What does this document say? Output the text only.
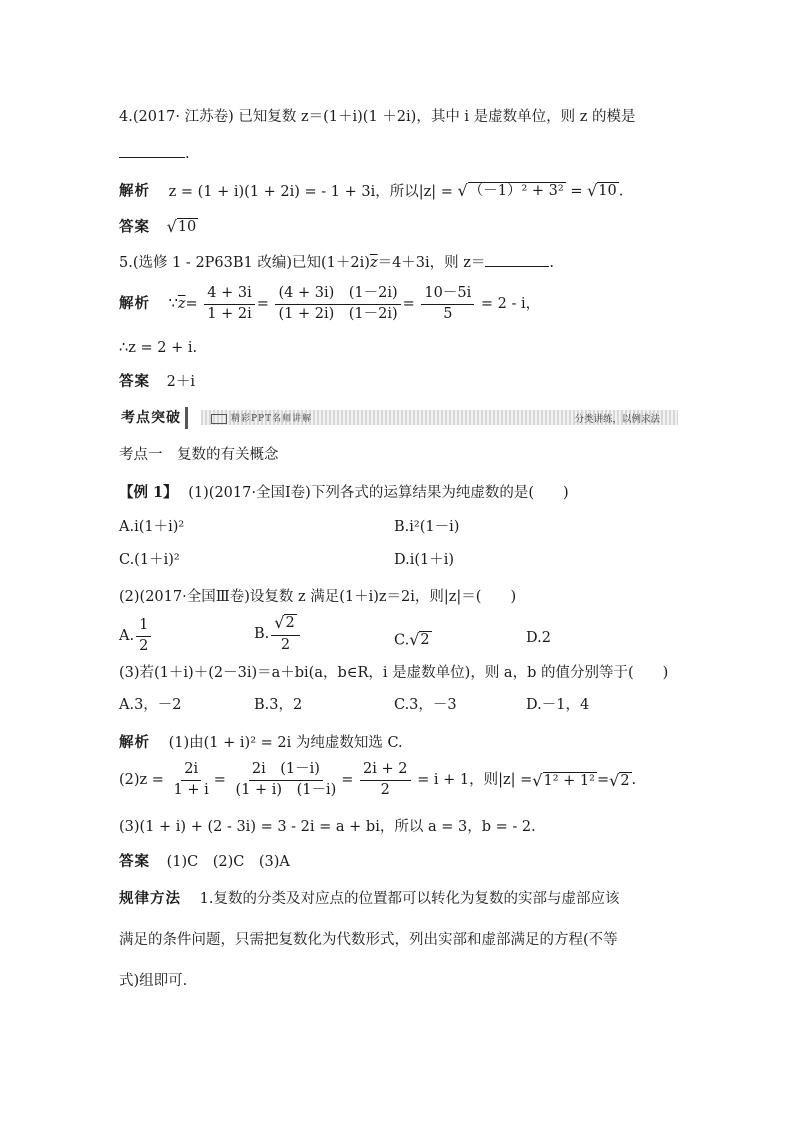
4.(2017· 江苏卷) 已知复数 z＝(1＋i)(1 ＋2i)，其中 i 是虚数单位，则 z 的模是
.
解析 z = (1 + i)(1 + 2i) = - 1 + 3i，所以|z| = √ （－1）² + 3² = √ 10 .
答案 √ 10
5.(选修 1 - 2P63B1 改编)已知$(1+2i)\overline{z}=4+3i$，则 z＝	.
解析 $\because\overline{z}= \frac{4 + 3i}{1 + 2i} = \frac{(4 + 3i) (1-2i)}{(1 + 2i) (1-2i)} = \frac{10-5i}{5} = 2 - i$，
∴z = 2 + i.
答案 2＋i
考点突破	精彩PPT名师讲解	分类讲练，以例求法
考点一　复数的有关概念
【例 1】 (1)(2017·全国Ⅰ卷)下列各式的运算结果为纯虚数的是(　　)
A.i(1＋i)²	B.i²(1－i)
C.(1＋i)²	D.i(1＋i)
(2)(2017·全国Ⅲ卷)设复数 z 满足(1＋i)z＝2i，则|z|＝(　　)
A. $\frac{1}{2}$	B. $\frac{√ 2}{2}$	C. √ 2	D.2
(3)若(1＋i)＋(2－3i)＝a＋bi(a，b∈R，i 是虚数单位)，则 a，b 的值分别等于(　　)
A.3，－2	B.3，2	C.3，－3	D.－1，4
解析 (1)由(1 + i)² = 2i 为纯虚数知选 C.
$(2)z = \frac{2i}{1 + i} = \frac{2i (1-i)}{(1 + i) (1-i)} = \frac{2i + 2}{2} = i + 1$，则|z| = √ 1² + 1² = √ 2 .
(3)(1 + i) + (2 - 3i) = 3 - 2i = a + bi，所以 a = 3，b = - 2.
答案 (1)C　(2)C　(3)A
规律方法 1.复数的分类及对应点的位置都可以转化为复数的实部与虚部应该
满足的条件问题，只需把复数化为代数形式，列出实部和虚部满足的方程(不等
式)组即可.
